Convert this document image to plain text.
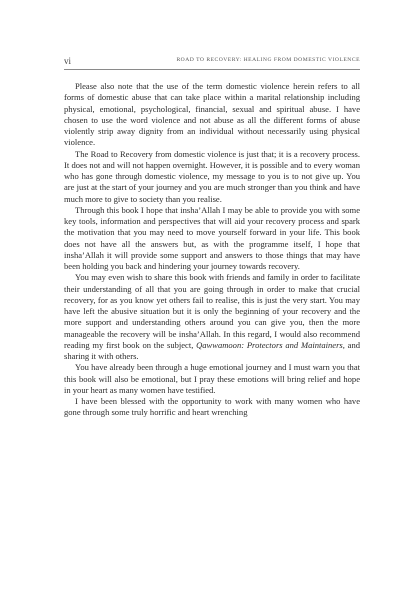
vi	ROAD TO RECOVERY: HEALING FROM DOMESTIC VIOLENCE

Please also note that the use of the term domestic violence herein refers to all forms of domestic abuse that can take place within a marital relationship including physical, emotional, psychological, financial, sexual and spiritual abuse. I have chosen to use the word violence and not abuse as all the different forms of abuse violently strip away dignity from an individual without necessarily using physical violence.

The Road to Recovery from domestic violence is just that; it is a recovery process. It does not and will not happen overnight. However, it is possible and to every woman who has gone through domestic violence, my message to you is to not give up. You are just at the start of your journey and you are much stronger than you think and have much more to give to society than you realise.

Through this book I hope that insha’Allah I may be able to provide you with some key tools, information and perspectives that will aid your recovery process and spark the motivation that you may need to move yourself forward in your life. This book does not have all the answers but, as with the programme itself, I hope that insha’Allah it will provide some support and answers to those things that may have been holding you back and hindering your journey towards recovery.

You may even wish to share this book with friends and family in order to facilitate their understanding of all that you are going through in order to make that crucial recovery, for as you know yet others fail to realise, this is just the very start. You may have left the abusive situation but it is only the beginning of your recovery and the more support and understanding others around you can give you, then the more manageable the recovery will be insha’Allah. In this regard, I would also recommend reading my first book on the subject, Qawwamoon: Protectors and Maintainers, and sharing it with others.

You have already been through a huge emotional journey and I must warn you that this book will also be emotional, but I pray these emotions will bring relief and hope in your heart as many women have testified.

I have been blessed with the opportunity to work with many women who have gone through some truly horrific and heart wrenching
